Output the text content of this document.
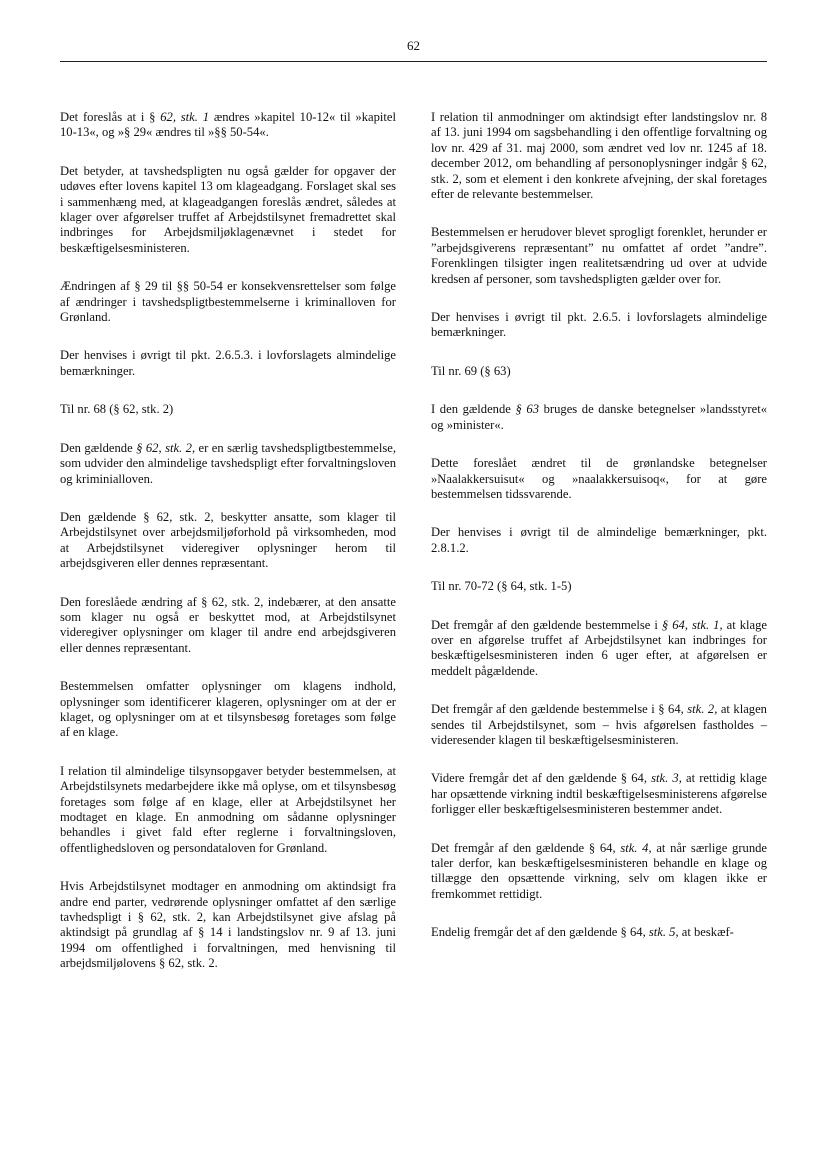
62

Det foreslås at i § 62, stk. 1 ændres »kapitel 10-12« til »kapitel 10-13«, og »§ 29« ændres til »§§ 50-54«.

Det betyder, at tavshedspligten nu også gælder for opgaver der udøves efter lovens kapitel 13 om klageadgang. Forslaget skal ses i sammenhæng med, at klageadgangen foreslås ændret, således at klager over afgørelser truffet af Arbejdstilsynet fremadrettet skal indbringes for Arbejdsmiljøklagenævnet i stedet for beskæftigelsesministeren.

Ændringen af § 29 til §§ 50-54 er konsekvensrettelser som følge af ændringer i tavshedspligtbestemmelserne i kriminalloven for Grønland.

Der henvises i øvrigt til pkt. 2.6.5.3. i lovforslagets almindelige bemærkninger.

Til nr. 68 (§ 62, stk. 2)

Den gældende § 62, stk. 2, er en særlig tavshedspligtbestemmelse, som udvider den almindelige tavshedspligt efter forvaltningsloven og kriminialloven.

Den gældende § 62, stk. 2, beskytter ansatte, som klager til Arbejdstilsynet over arbejdsmiljøforhold på virksomheden, mod at Arbejdstilsynet videregiver oplysninger herom til arbejdsgiveren eller dennes repræsentant.

Den foreslåede ændring af § 62, stk. 2, indebærer, at den ansatte som klager nu også er beskyttet mod, at Arbejdstilsynet videregiver oplysninger om klager til andre end arbejdsgiveren eller dennes repræsentant.

Bestemmelsen omfatter oplysninger om klagens indhold, oplysninger som identificerer klageren, oplysninger om at der er klaget, og oplysninger om at et tilsynsbesøg foretages som følge af en klage.

I relation til almindelige tilsynsopgaver betyder bestemmelsen, at Arbejdstilsynets medarbejdere ikke må oplyse, om et tilsynsbesøg foretages som følge af en klage, eller at Arbejdstilsynet her modtaget en klage. En anmodning om sådanne oplysninger behandles i givet fald efter reglerne i forvaltningsloven, offentlighedsloven og persondataloven for Grønland.

Hvis Arbejdstilsynet modtager en anmodning om aktindsigt fra andre end parter, vedrørende oplysninger omfattet af den særlige tavhedspligt i § 62, stk. 2, kan Arbejdstilsynet give afslag på aktindsigt på grundlag af § 14 i landstingslov nr. 9 af 13. juni 1994 om offentlighed i forvaltningen, med henvisning til arbejdsmiljølovens § 62, stk. 2.

I relation til anmodninger om aktindsigt efter landstingslov nr. 8 af 13. juni 1994 om sagsbehandling i den offentlige forvaltning og lov nr. 429 af 31. maj 2000, som ændret ved lov nr. 1245 af 18. december 2012, om behandling af personoplysninger indgår § 62, stk. 2, som et element i den konkrete afvejning, der skal foretages efter de relevante bestemmelser.

Bestemmelsen er herudover blevet sprogligt forenklet, herunder er ”arbejdsgiverens repræsentant” nu omfattet af ordet ”andre”. Forenklingen tilsigter ingen realitetsændring ud over at udvide kredsen af personer, som tavshedspligten gælder over for.

Der henvises i øvrigt til pkt. 2.6.5. i lovforslagets almindelige bemærkninger.

Til nr. 69 (§ 63)

I den gældende § 63 bruges de danske betegnelser »landsstyret« og »minister«.

Dette foreslået ændret til de grønlandske betegnelser »Naalakkersuisut« og »naalakkersuisoq«, for at gøre bestemmelsen tidssvarende.

Der henvises i øvrigt til de almindelige bemærkninger, pkt. 2.8.1.2.

Til nr. 70-72 (§ 64, stk. 1-5)

Det fremgår af den gældende bestemmelse i § 64, stk. 1, at klage over en afgørelse truffet af Arbejdstilsynet kan indbringes for beskæftigelsesministeren inden 6 uger efter, at afgørelsen er meddelt pågældende.

Det fremgår af den gældende bestemmelse i § 64, stk. 2, at klagen sendes til Arbejdstilsynet, som – hvis afgørelsen fastholdes – videresender klagen til beskæftigelsesministeren.

Videre fremgår det af den gældende § 64, stk. 3, at rettidig klage har opsættende virkning indtil beskæftigelsesministerens afgørelse forligger eller beskæftigelsesministeren bestemmer andet.

Det fremgår af den gældende § 64, stk. 4, at når særlige grunde taler derfor, kan beskæftigelsesministeren behandle en klage og tillægge den opsættende virkning, selv om klagen ikke er fremkommet rettidigt.

Endelig fremgår det af den gældende § 64, stk. 5, at beskæf-
